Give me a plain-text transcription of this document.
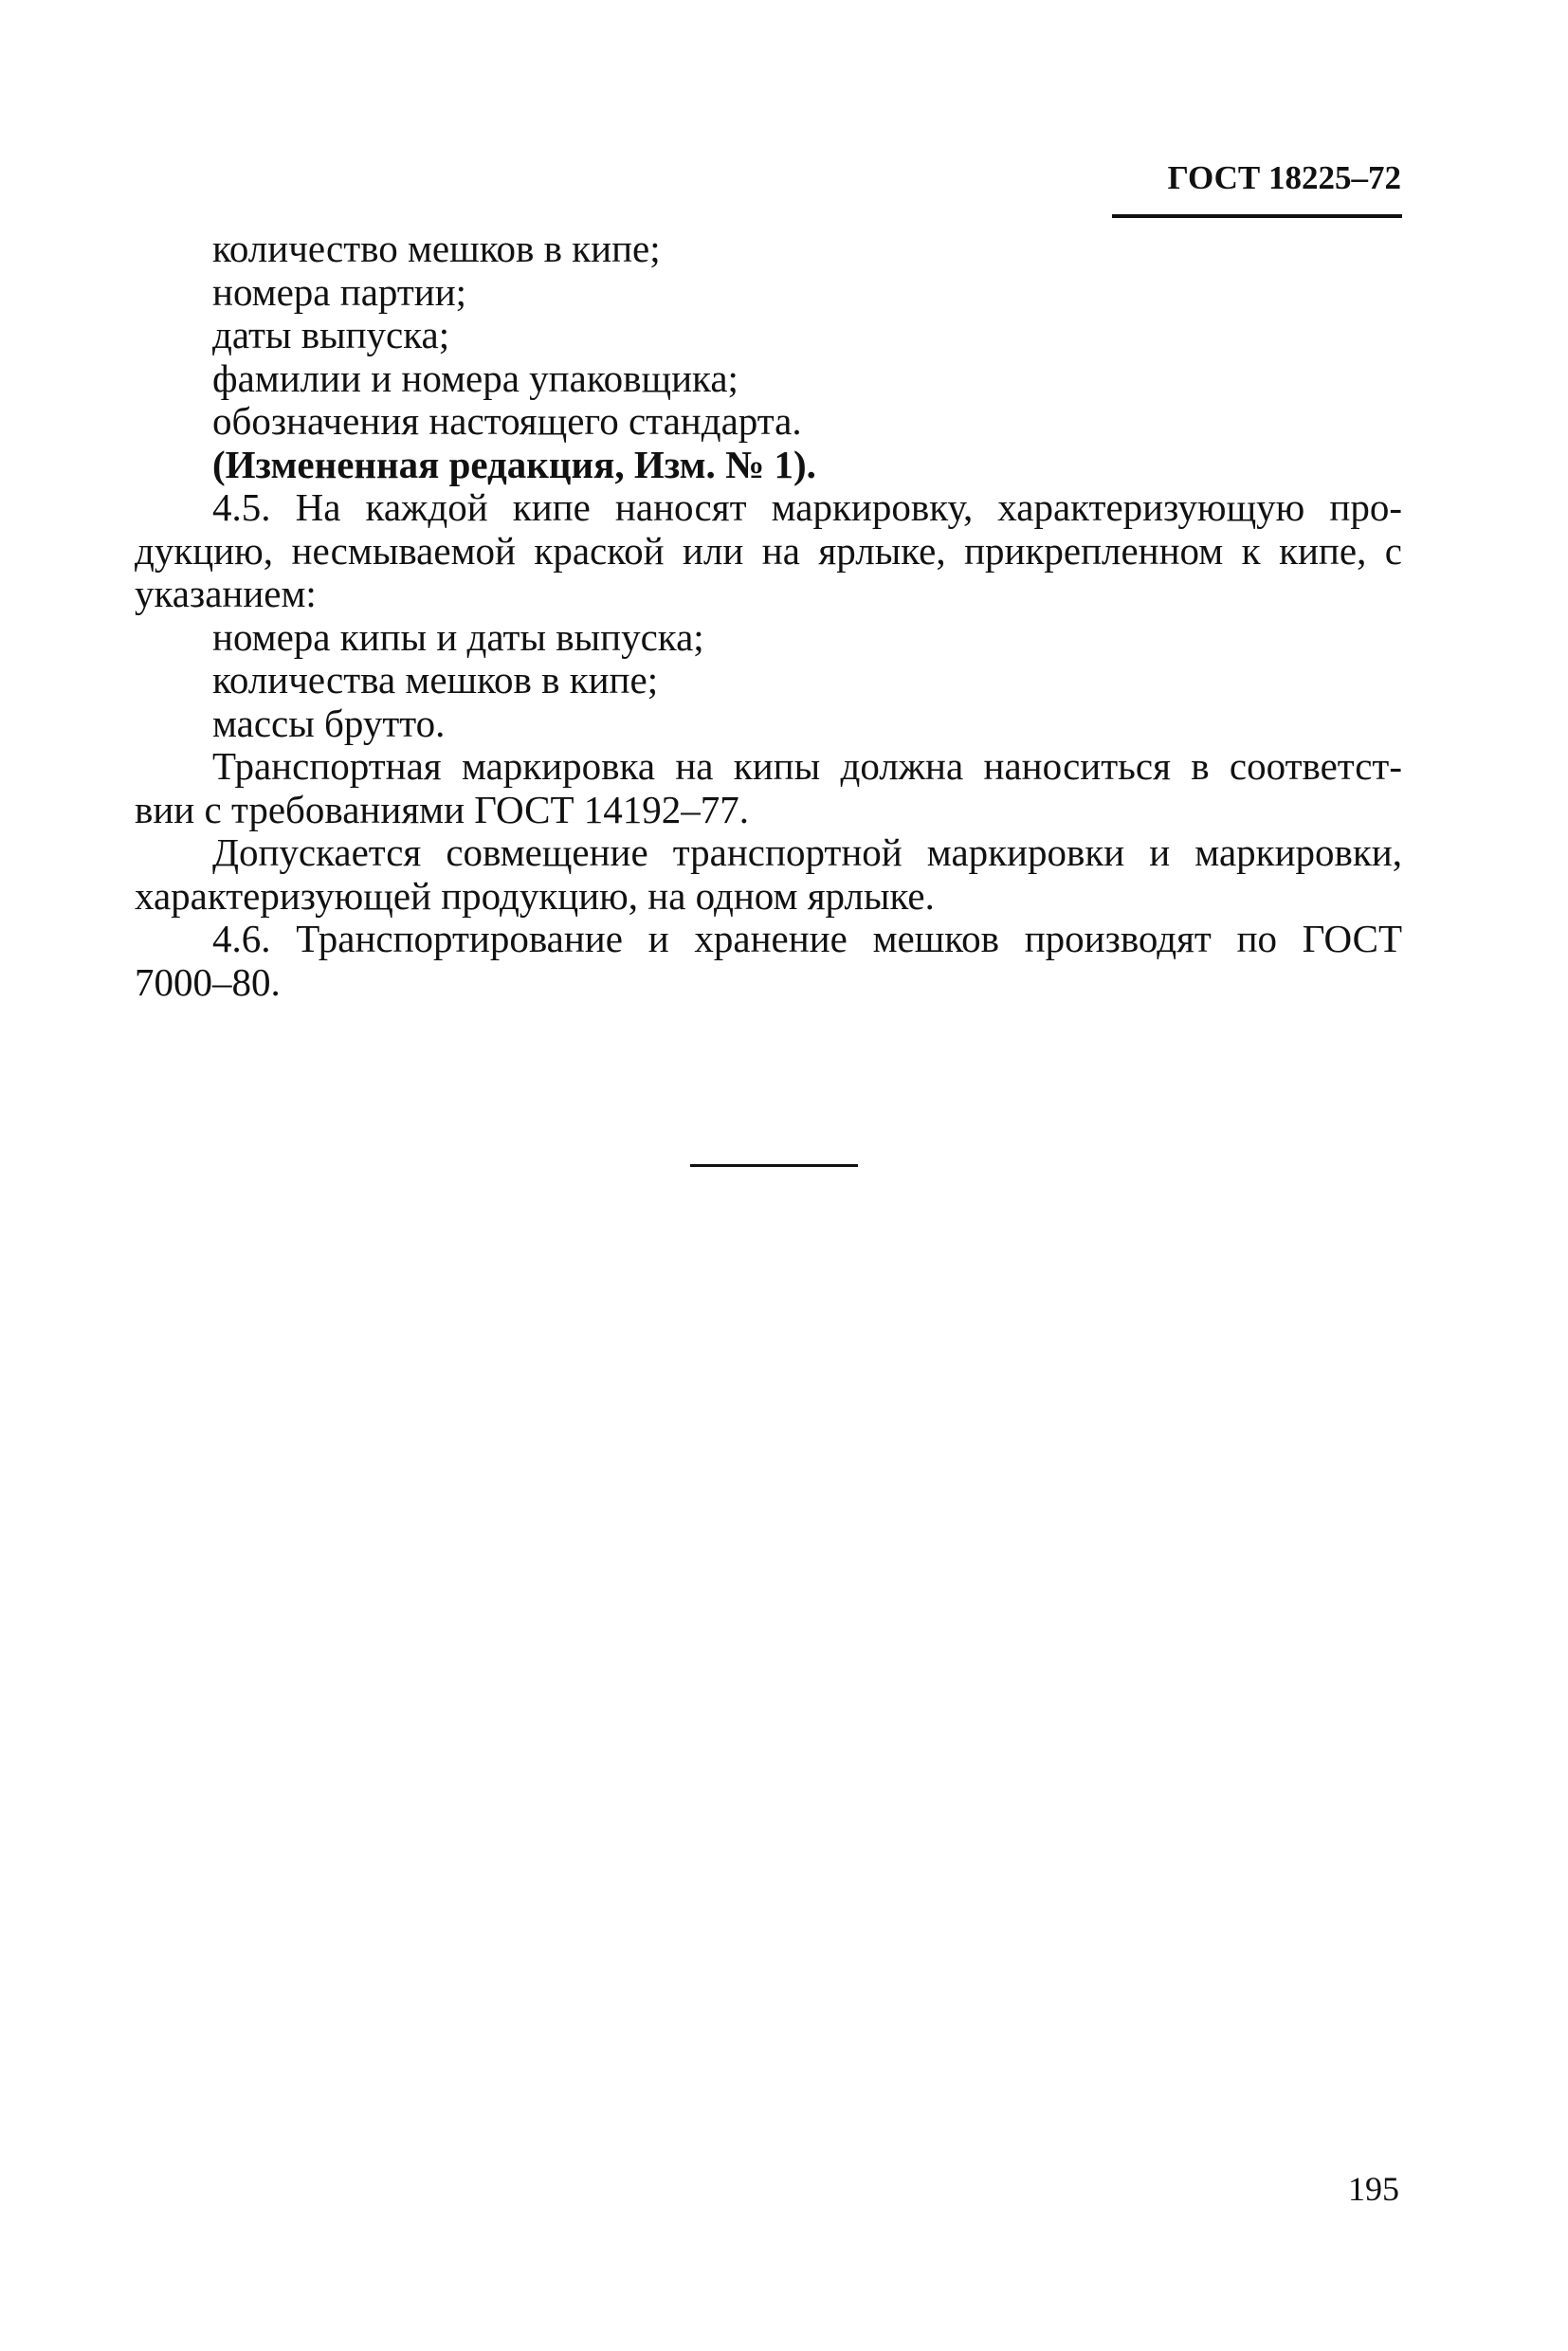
ГОСТ 18225–72
количество мешков в кипе;
номера партии;
даты выпуска;
фамилии и номера упаковщика;
обозначения настоящего стандарта.
(Измененная редакция, Изм. № 1).
4.5. На каждой кипе наносят маркировку, характеризующую про-
дукцию, несмываемой краской или на ярлыке, прикрепленном к кипе, с
указанием:
номера кипы и даты выпуска;
количества мешков в кипе;
массы брутто.
Транспортная маркировка на кипы должна наноситься в соответст-
вии с требованиями ГОСТ 14192–77.
Допускается совмещение транспортной маркировки и маркировки,
характеризующей продукцию, на одном ярлыке.
4.6. Транспортирование и хранение мешков производят по ГОСТ
7000–80.
195
